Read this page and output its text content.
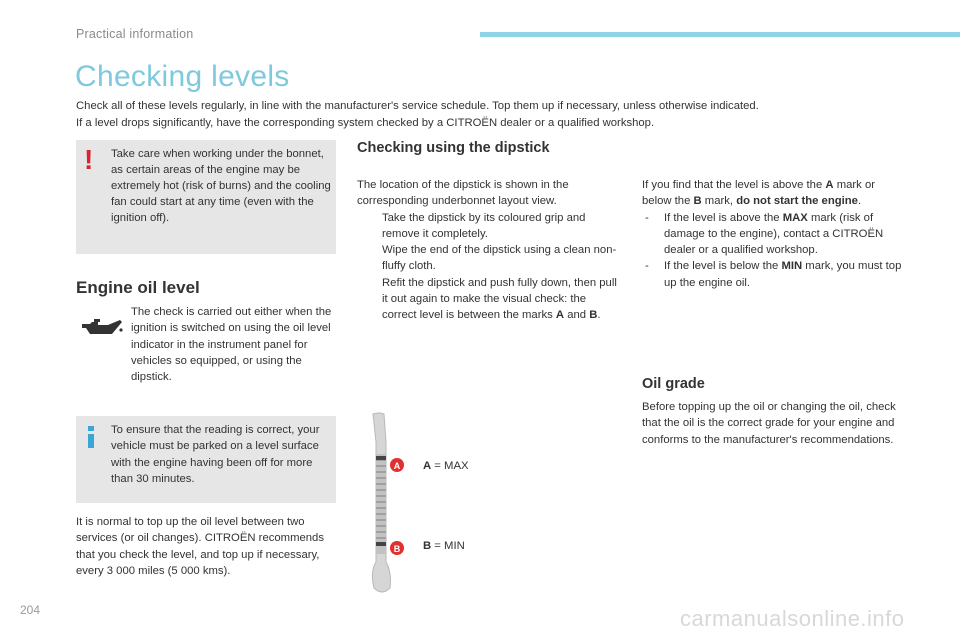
Practical information
Checking levels

Check all of these levels regularly, in line with the manufacturer's service schedule. Top them up if necessary, unless otherwise indicated.

If a level drops significantly, have the corresponding system checked by a CITROËN dealer or a qualified workshop.

!	Take care when working under the bonnet, as certain areas of the engine may be extremely hot (risk of burns) and the cooling fan could start at any time (even with the ignition off).
Engine oil level
The check is carried out either when the ignition is switched on using the oil level indicator in the instrument panel for vehicles so equipped, or using the dipstick.
To ensure that the reading is correct, your vehicle must be parked on a level surface with the engine having been off for more than 30 minutes.
It is normal to top up the oil level between two services (or oil changes). CITROËN recommends that you check the level, and top up if necessary, every 3 000 miles (5 000 kms).
Checking using the dipstick
The location of the dipstick is shown in the corresponding underbonnet layout view.
Take the dipstick by its coloured grip and remove it completely.
Wipe the end of the dipstick using a clean non-fluffy cloth.
Refit the dipstick and push fully down, then pull it out again to make the visual check: the correct level is between the marks A and B.
If you find that the level is above the A mark or below the B mark, do not start the engine.
- If the level is above the MAX mark (risk of damage to the engine), contact a CITROËN dealer or a qualified workshop.
- If the level is below the MIN mark, you must top up the engine oil.
Oil grade
Before topping up the oil or changing the oil, check that the oil is the correct grade for your engine and conforms to the manufacturer's recommendations.
A
B
A = MAX
B = MIN
204	carmanualsonline.info
